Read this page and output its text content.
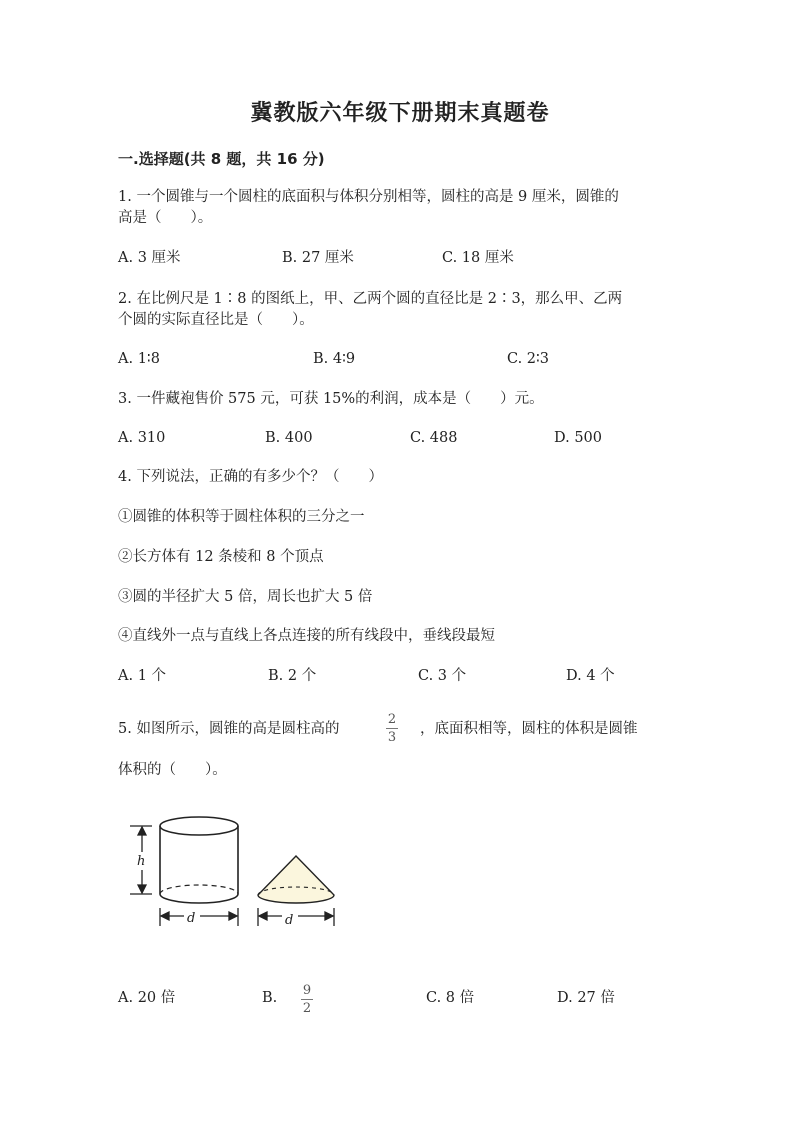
冀教版六年级下册期末真题卷
一.选择题(共 8 题，共 16 分)
1. 一个圆锥与一个圆柱的底面积与体积分别相等，圆柱的高是 9 厘米，圆锥的
高是（　　）。
A. 3 厘米	B. 27 厘米	C. 18 厘米
2. 在比例尺是 1∶8 的图纸上，甲、乙两个圆的直径比是 2∶3，那么甲、乙两
个圆的实际直径比是（　　）。
A. 1∶8	B. 4∶9	C. 2∶3
3. 一件藏袍售价 575 元，可获 15%的利润，成本是（　　）元。
A. 310	B. 400	C. 488	D. 500
4. 下列说法，正确的有多少个？（　　）
①圆锥的体积等于圆柱体积的三分之一
②长方体有 12 条棱和 8 个顶点
③圆的半径扩大 5 倍，周长也扩大 5 倍
④直线外一点与直线上各点连接的所有线段中，垂线段最短
A. 1 个	B. 2 个	C. 3 个	D. 4 个
5. 如图所示，圆锥的高是圆柱高的
2
3
，底面积相等，圆柱的体积是圆锥
体积的（　　）。
h
d	d
A. 20 倍	B. 9
2
C. 8 倍	D. 27 倍
